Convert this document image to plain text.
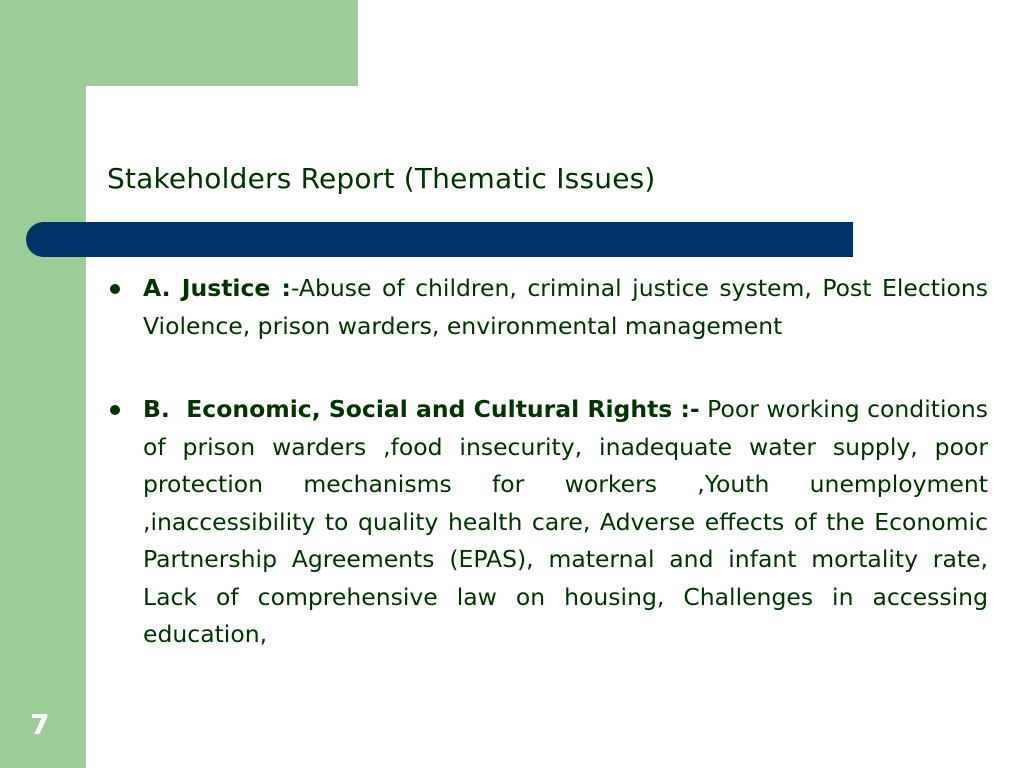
Stakeholders Report (Thematic Issues)
A. Justice :-Abuse of children, criminal justice system, Post Elections Violence, prison warders, environmental management
B.  Economic, Social and Cultural Rights :- Poor working conditions of prison warders ,food insecurity, inadequate water supply, poor protection mechanisms for workers ,Youth unemployment ,inaccessibility to quality health care, Adverse effects of the Economic Partnership Agreements (EPAS), maternal and infant mortality rate, Lack of comprehensive law on housing, Challenges in accessing education,
7
